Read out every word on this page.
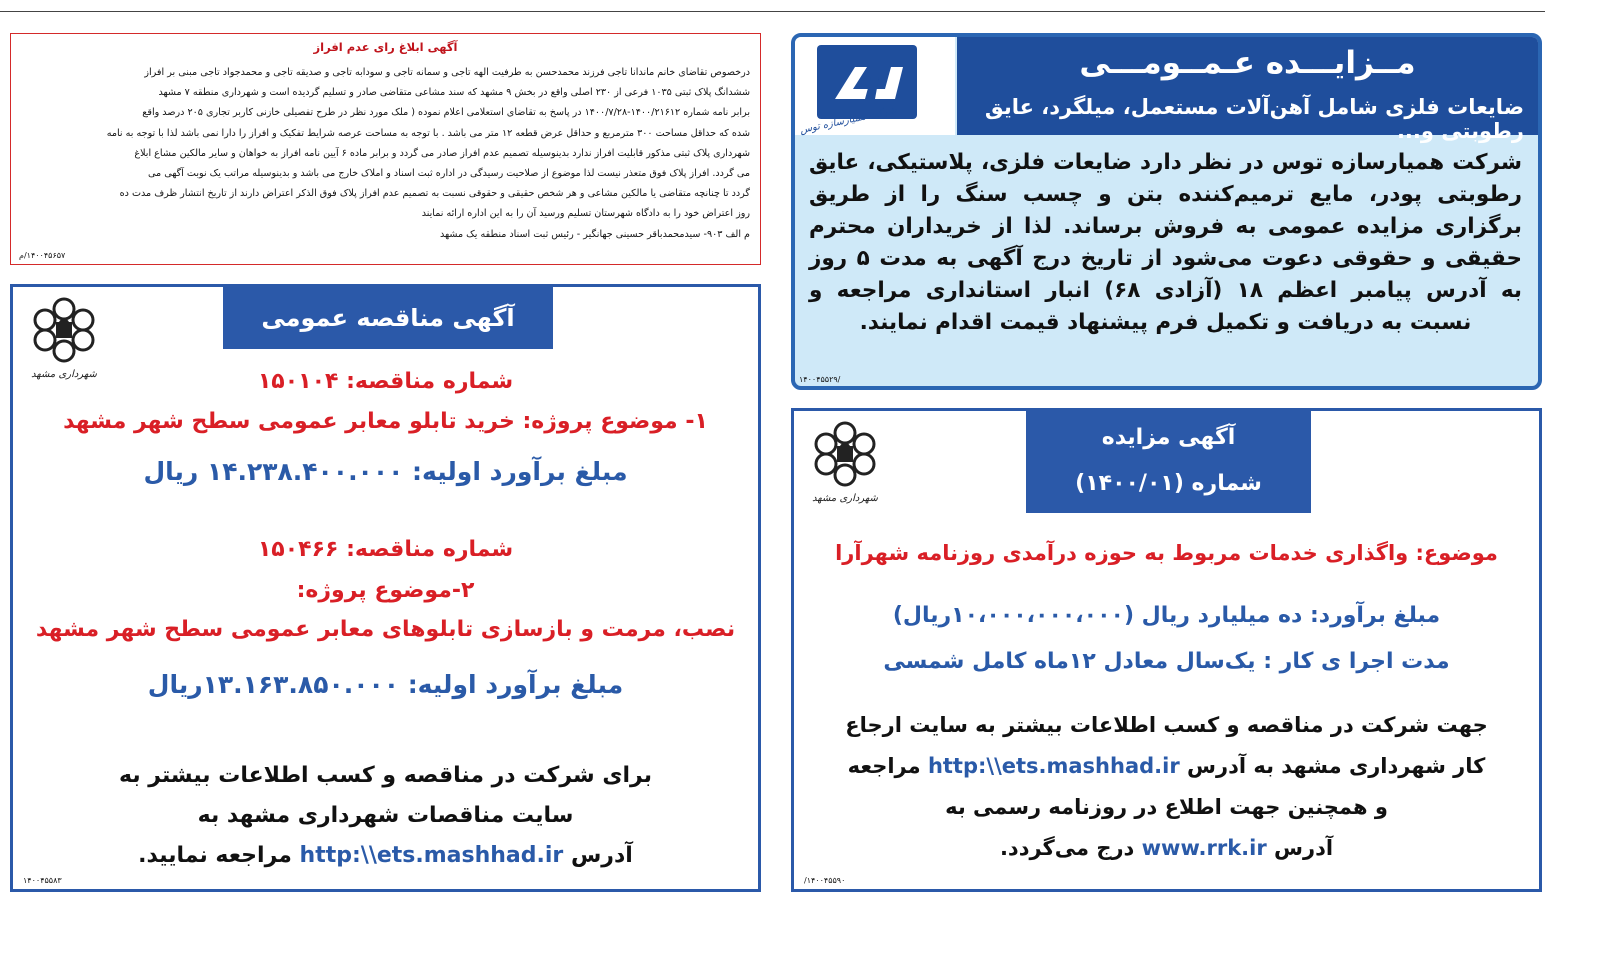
آگهی ابلاغ رای عدم افراز
درخصوص تقاضای خانم ماندانا تاجی فرزند محمدحسن به طرفیت الهه تاجی و سمانه تاجی و سودابه تاجی و صدیقه تاجی و محمدجواد تاجی مبنی بر افراز
ششدانگ پلاک ثبتی ۱۰۳۵ فرعی از ۲۳۰ اصلی واقع در بخش ۹ مشهد که سند مشاعی متقاضی صادر و تسلیم گردیده است و شهرداری منطقه ۷ مشهد
برابر نامه شماره ۱۴۰۰/۲۱۶۱۲-۱۴۰۰/۷/۲۸ در پاسخ به تقاضای استعلامی اعلام نموده ( ملک مورد نظر در طرح تفصیلی خازنی کاربر تجاری ۲۰۵ درصد واقع
شده که حداقل مساحت ۳۰۰ مترمربع و حداقل عرض قطعه ۱۲ متر می باشد . با توجه به مساحت عرصه شرایط تفکیک و افراز را دارا نمی باشد لذا با توجه به نامه
شهرداری پلاک ثبتی مذکور قابلیت افراز ندارد بدینوسیله تصمیم عدم افراز صادر می گردد و برابر ماده ۶ آیین نامه افراز به خواهان و سایر مالکین مشاع ابلاغ
می گردد. افراز پلاک فوق متعذر نیست لذا موضوع از صلاحیت رسیدگی در اداره ثبت اسناد و املاک خارج می باشد و بدینوسیله مراتب یک نوبت آگهی می
گردد تا چنانچه متقاضی یا مالکین مشاعی و هر شخص حقیقی و حقوقی نسبت به تصمیم عدم افراز پلاک فوق الذکر اعتراض دارند از تاریخ انتشار ظرف مدت ده
روز اعتراض خود را به دادگاه شهرستان تسلیم ورسید آن را به این اداره ارائه نمایند
م الف ۹۰۳- سیدمحمدباقر حسینی جهانگیر - رئیس ثبت اسناد منطقه یک مشهد
۱۴۰۰۴۵۶۵۷/م
شرکت همیارسازه توس
مــزایـــده عـمــومـــی
ضایعات فلزی شامل آهن‌آلات مستعمل، میلگرد، عایق رطوبتی و...
شرکت همیارسازه توس در نظر دارد ضایعات فلزی، پلاستیکی، عایق رطوبتی پودر، مایع ترمیم‌کننده بتن و چسب سنگ را از طریق برگزاری مزایده عمومی به فروش برساند. لذا از خریداران محترم حقیقی و حقوقی دعوت می‌شود از تاریخ درج آگهی به مدت ۵ روز به آدرس پیامبر اعظم ۱۸ (آزادی ۶۸) انبار استانداری مراجعه و نسبت به دریافت و تکمیل فرم پیشنهاد قیمت اقدام نمایند.
۱۴۰۰۴۵۵۲۹/
شهرداری مشهد
آگهی مناقصه عمومی
شماره مناقصه: ۱۵۰۱۰۴
۱- موضوع پروژه: خرید تابلو معابر عمومی سطح شهر مشهد
مبلغ برآورد اولیه: ۱۴.۲۳۸.۴۰۰.۰۰۰ ریال
شماره مناقصه: ۱۵۰۴۶۶
۲-موضوع پروژه:
نصب، مرمت و بازسازی تابلوهای معابر عمومی سطح شهر مشهد
مبلغ برآورد اولیه: ۱۳.۱۶۳.۸۵۰.۰۰۰ریال
برای شرکت در مناقصه و کسب اطلاعات بیشتر به
سایت مناقصات شهرداری مشهد به
آدرس http:\\ets.mashhad.ir مراجعه نمایید.
۱۴۰۰۴۵۵۸۳
شهرداری مشهد
آگهی مزایده
شماره (۱۴۰۰/۰۱)
موضوع: واگذاری خدمات مربوط به حوزه درآمدی روزنامه شهرآرا
مبلغ برآورد: ده میلیارد ریال (۱۰،۰۰۰،۰۰۰،۰۰۰ریال)
مدت اجرا ی کار : یک‌سال معادل ۱۲ماه کامل شمسی
جهت شرکت در مناقصه و کسب اطلاعات بیشتر به سایت ارجاع
کار شهرداری مشهد به آدرس http:\\ets.mashhad.ir مراجعه
و همچنین جهت اطلاع در روزنامه رسمی به
آدرس www.rrk.ir درج می‌گردد.
۱۴۰۰۴۵۵۹۰/
